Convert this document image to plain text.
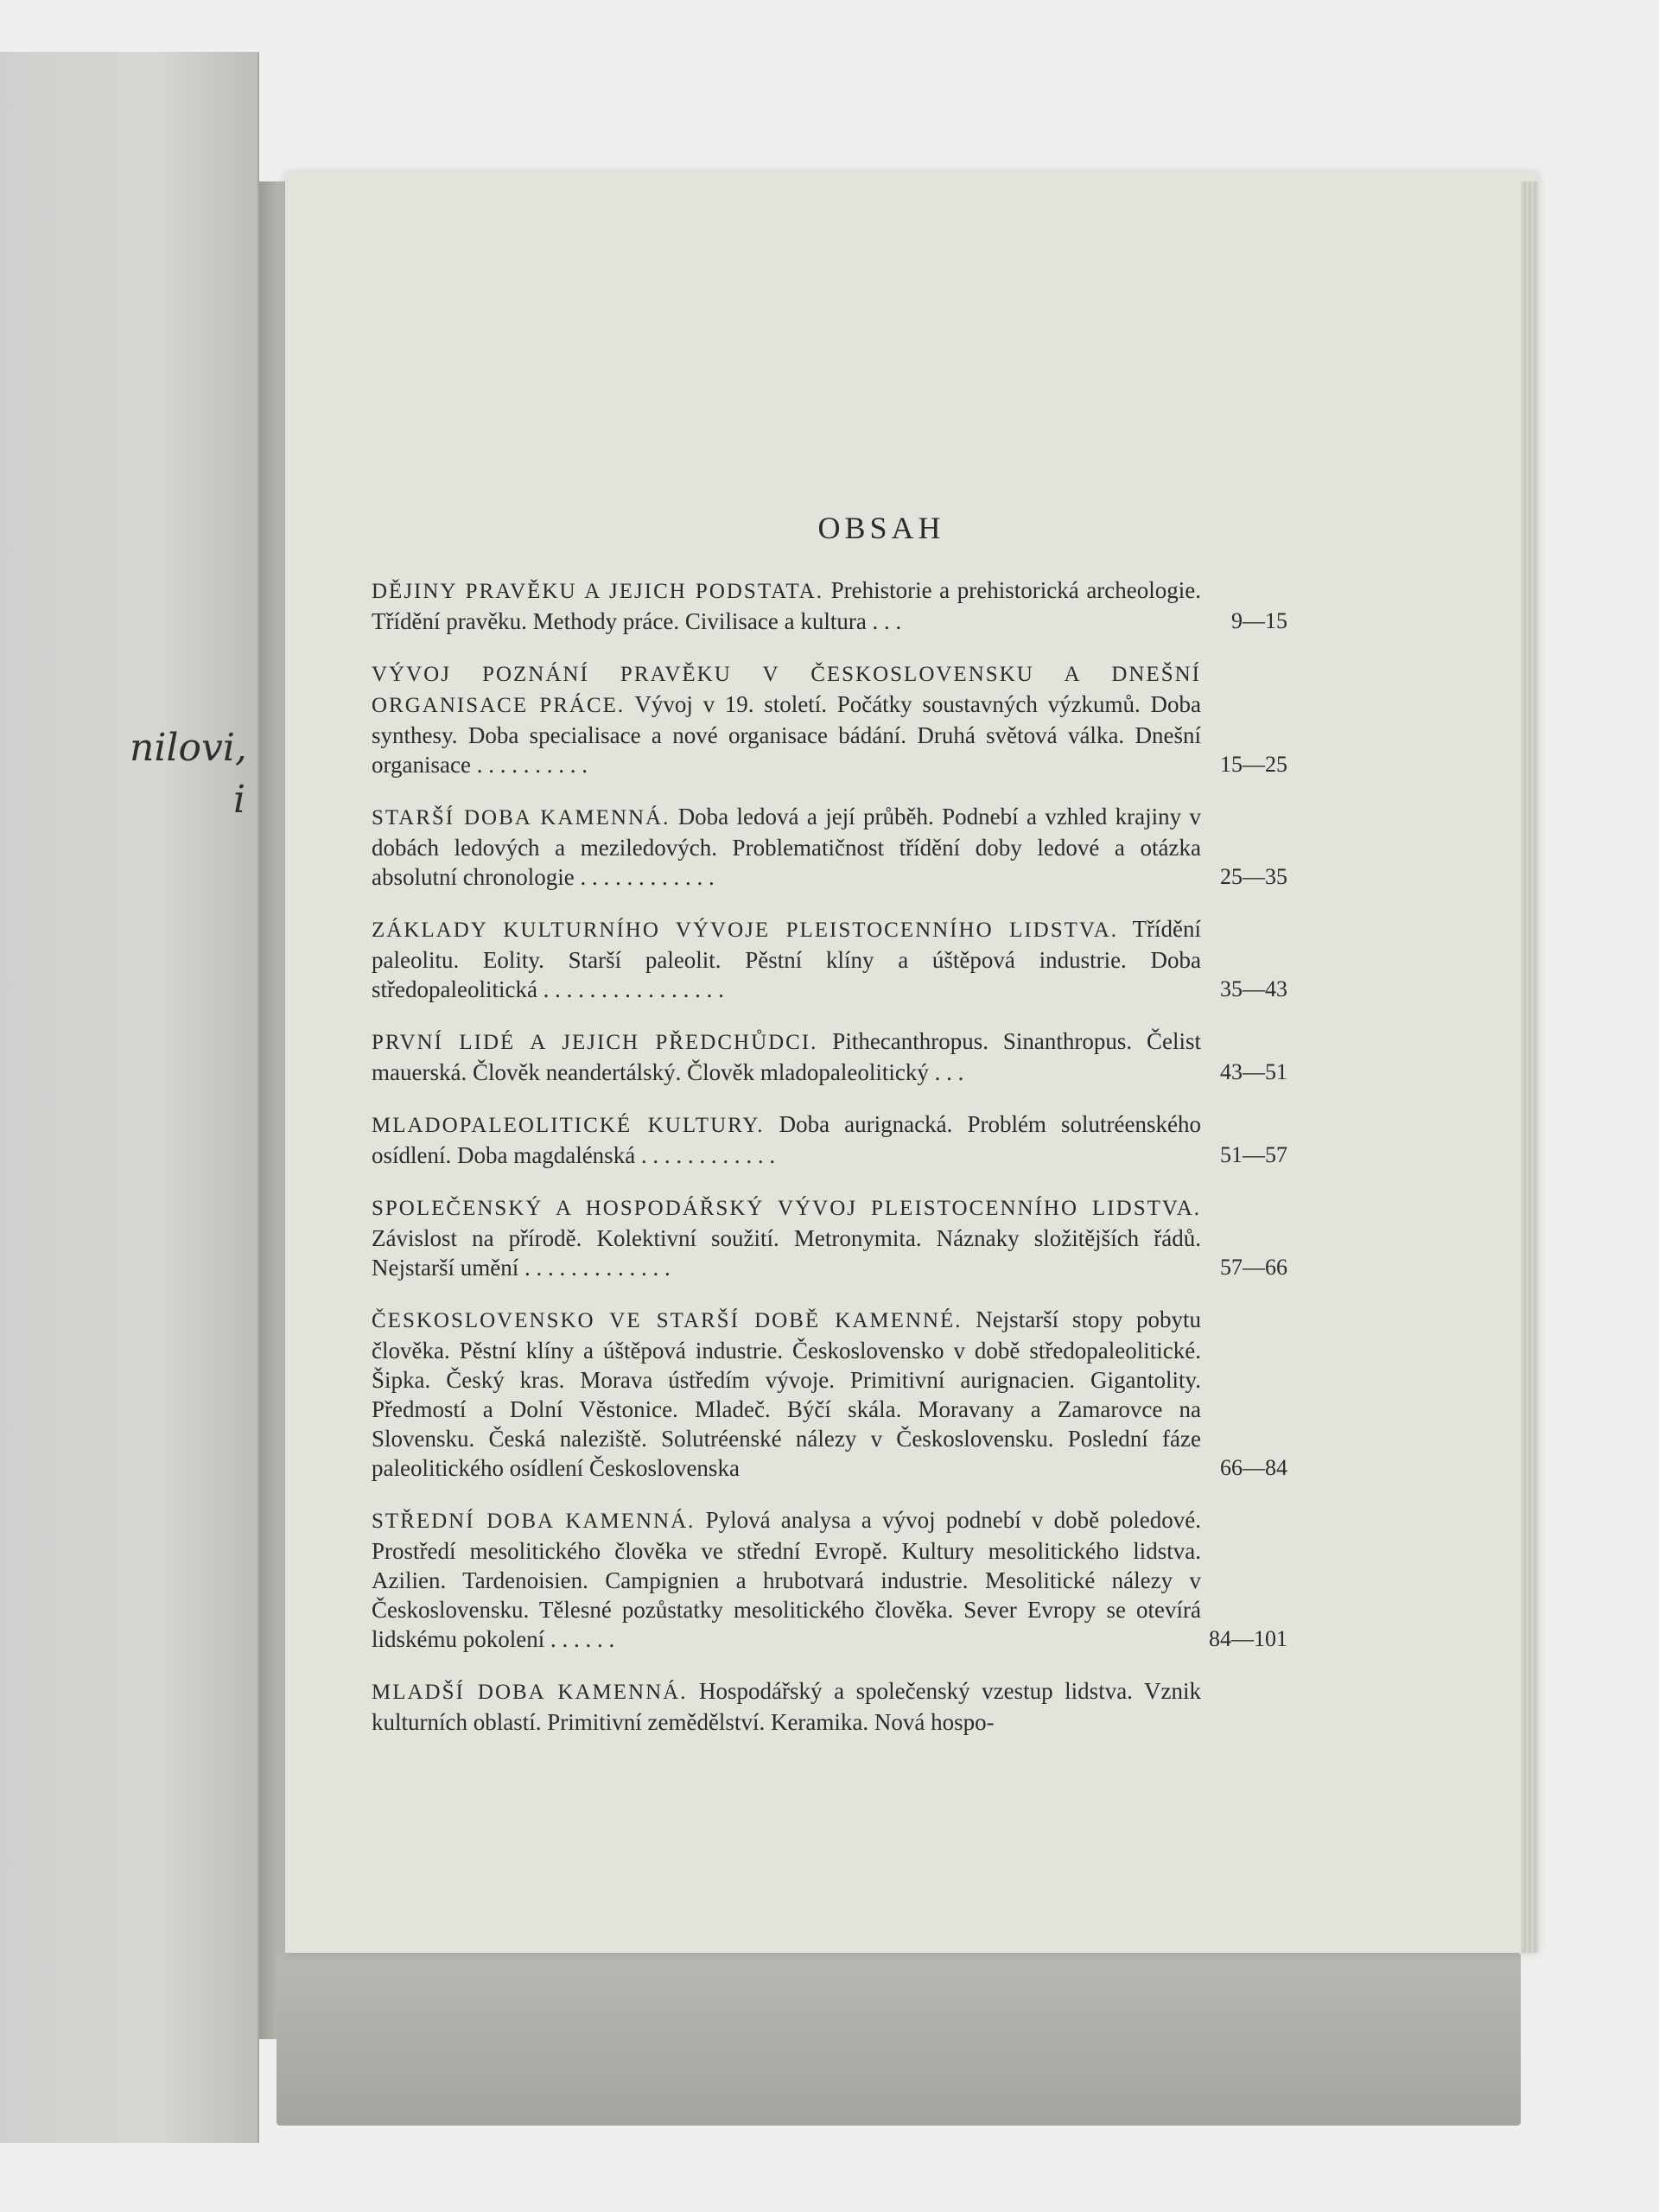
nilovi,
i
OBSAH
DĚJINY PRAVĚKU A JEJICH PODSTATA. Prehistorie a prehistorická archeologie. Třídění pravěku. Methody práce. Civilisace a kultura . . .	9—15
VÝVOJ POZNÁNÍ PRAVĚKU V ČESKOSLOVENSKU A DNEŠNÍ ORGANISACE PRÁCE. Vývoj v 19. století. Počátky soustavných výzkumů. Doba synthesy. Doba specialisace a nové organisace bádání. Druhá světová válka. Dnešní organisace . . . . . . . . . .	15—25
STARŠÍ DOBA KAMENNÁ. Doba ledová a její průběh. Podnebí a vzhled krajiny v dobách ledových a meziledových. Problematičnost třídění doby ledové a otázka absolutní chronologie . . . . . . . . . . . .	25—35
ZÁKLADY KULTURNÍHO VÝVOJE PLEISTOCENNÍHO LIDSTVA. Třídění paleolitu. Eolity. Starší paleolit. Pěstní klíny a úštěpová industrie. Doba středopaleolitická . . . . . . . . . . . . . . . .	35—43
PRVNÍ LIDÉ A JEJICH PŘEDCHŮDCI. Pithecanthropus. Sinanthropus. Čelist mauerská. Člověk neandertálský. Člověk mladopaleolitický . . .	43—51
MLADOPALEOLITICKÉ KULTURY. Doba aurignacká. Problém solutréenského osídlení. Doba magdalénská . . . . . . . . . . . .	51—57
SPOLEČENSKÝ A HOSPODÁŘSKÝ VÝVOJ PLEISTOCENNÍHO LIDSTVA. Závislost na přírodě. Kolektivní soužití. Metronymita. Náznaky složitějších řádů. Nejstarší umění . . . . . . . . . . . . .	57—66
ČESKOSLOVENSKO VE STARŠÍ DOBĚ KAMENNÉ. Nejstarší stopy pobytu člověka. Pěstní klíny a úštěpová industrie. Československo v době středopaleolitické. Šipka. Český kras. Morava ústředím vývoje. Primitivní aurignacien. Gigantolity. Předmostí a Dolní Věstonice. Mladeč. Býčí skála. Moravany a Zamarovce na Slovensku. Česká naleziště. Solutréenské nálezy v Československu. Poslední fáze paleolitického osídlení Československa	66—84
STŘEDNÍ DOBA KAMENNÁ. Pylová analysa a vývoj podnebí v době poledové. Prostředí mesolitického člověka ve střední Evropě. Kultury mesolitického lidstva. Azilien. Tardenoisien. Campignien a hrubotvará industrie. Mesolitické nálezy v Československu. Tělesné pozůstatky mesolitického člověka. Sever Evropy se otevírá lidskému pokolení . . . . . .	84—101
MLADŠÍ DOBA KAMENNÁ. Hospodářský a společenský vzestup lidstva. Vznik kulturních oblastí. Primitivní zemědělství. Keramika. Nová hospo-
